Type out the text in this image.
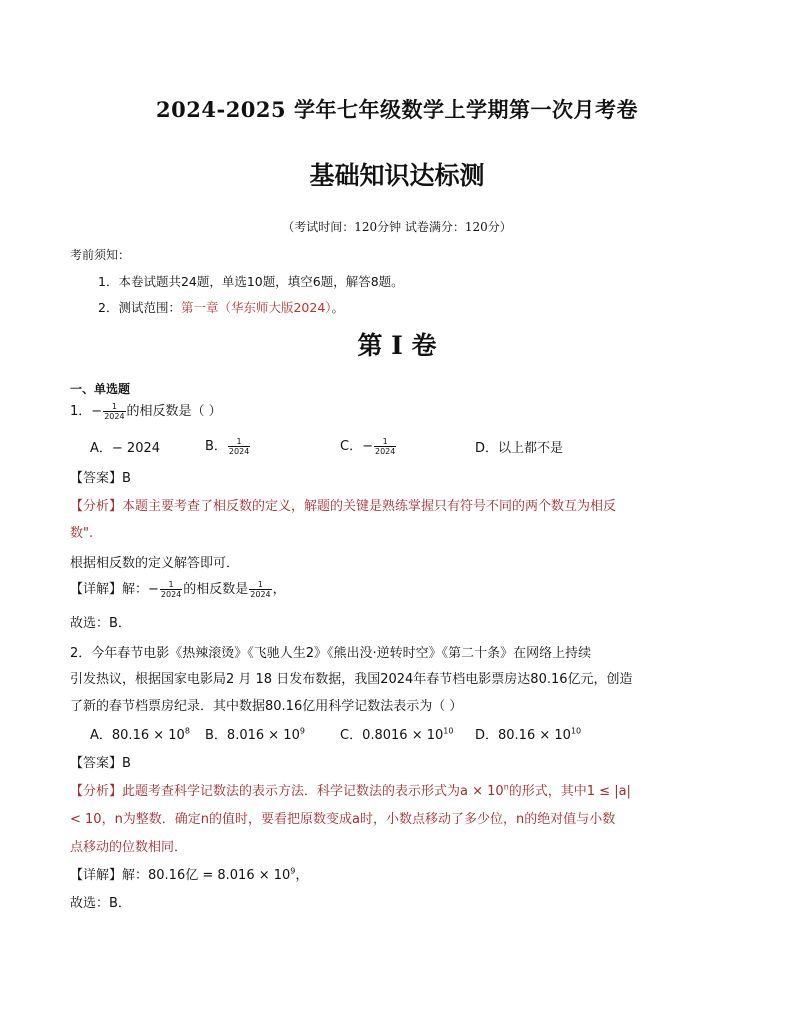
2024-2025 学年七年级数学上学期第一次月考卷
基础知识达标测
（考试时间：120分钟 试卷满分：120分）
考前须知：
1．本卷试题共24题，单选10题，填空6题，解答8题。
2．测试范围：第一章（华东师大版2024）。
第 I 卷
一、单选题
1．− $\frac{1}{2024}$ 的相反数是（ ）
A．− 2024	B． $\frac{1}{2024}$	C．− $\frac{1}{2024}$	D．以上都不是
【答案】B
【分析】本题主要考查了相反数的定义，解题的关键是熟练掌握只有符号不同的两个数互为相反
数".
根据相反数的定义解答即可．
【详解】解：− $\frac{1}{2024}$ 的相反数是 $\frac{1}{2024}$ ，
故选：B．
2．今年春节电影《热辣滚烫》《飞驰人生2》《熊出没·逆转时空》《第二十条》在网络上持续
引发热议，根据国家电影局2 月 18 日发布数据，我国2024年春节档电影票房达80.16亿元，创造
了新的春节档票房纪录．其中数据80.16亿用科学记数法表示为（ ）
A．$80.16 \times 10^8$ B．$8.016 \times 10^9$	C．$0.8016 \times 10^{10}$ D．$80.16 \times 10^{10}$
【答案】B
【分析】此题考查科学记数法的表示方法．科学记数法的表示形式为$a \times 10^n$的形式，其中1 ≤ |a|
< 10，n为整数．确定n的值时，要看把原数变成a时，小数点移动了多少位，n的绝对值与小数
点移动的位数相同．
【详解】解：80.16亿 = $8.016 \times 10^9$，
故选：B．
